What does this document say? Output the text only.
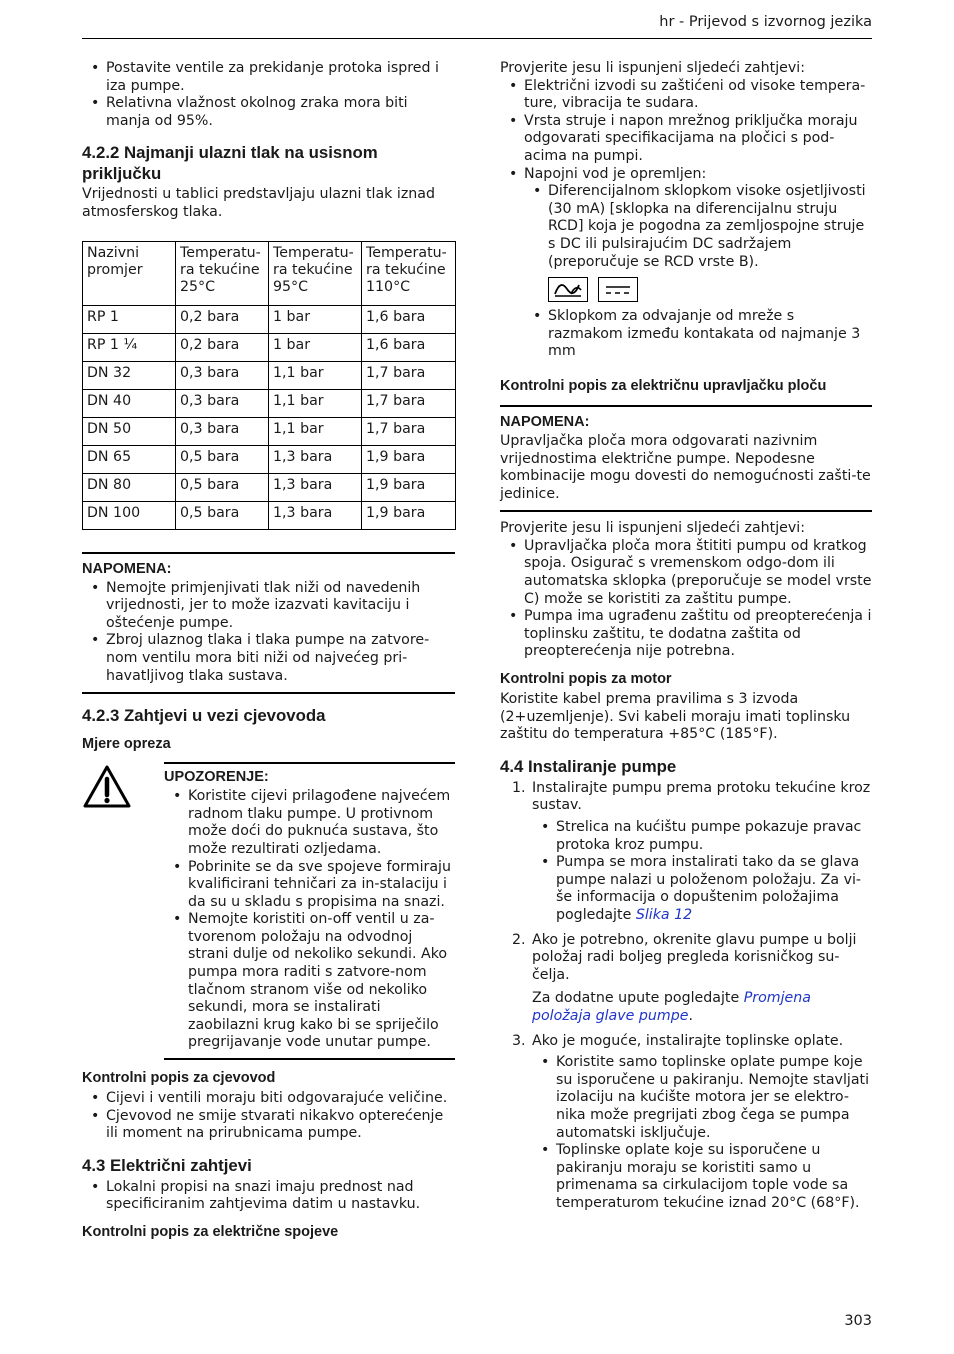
hr - Prijevod s izvornog jezika
• Postavite ventile za prekidanje protoka ispred i iza pumpe.
• Relativna vlažnost okolnog zraka mora biti manja od 95%.
4.2.2 Najmanji ulazni tlak na usisnom priključku

Vrijednosti u tablici predstavljaju ulazni tlak iznad atmosferskog tlaka.

Nazivni promjer	Temperatu-ra tekućine 25°C	Temperatu-ra tekućine 95°C	Temperatu-ra tekućine 110°C
RP 1	0,2 bara	1 bar	1,6 bara
RP 1 ¼	0,2 bara	1 bar	1,6 bara
DN 32	0,3 bara	1,1 bar	1,7 bara
DN 40	0,3 bara	1,1 bar	1,7 bara
DN 50	0,3 bara	1,1 bar	1,7 bara
DN 65	0,5 bara	1,3 bara	1,9 bara
DN 80	0,5 bara	1,3 bara	1,9 bara
DN 100	0,5 bara	1,3 bara	1,9 bara
NAPOMENA:
• Nemojte primjenjivati tlak niži od navedenih vrijednosti, jer to može izazvati kavitaciju i oštećenje pumpe.
• Zbroj ulaznog tlaka i tlaka pumpe na zatvore-nom ventilu mora biti niži od najvećeg pri-havatljivog tlaka sustava.
4.2.3 Zahtjevi u vezi cjevovoda
Mjere opreza
UPOZORENJE:
• Koristite cijevi prilagođene najvećem radnom tlaku pumpe. U protivnom može doći do puknuća sustava, što može rezultirati ozljedama.
• Pobrinite se da sve spojeve formiraju kvalificirani tehničari za in-stalaciju i da su u skladu s propisima na snazi.
• Nemojte koristiti on-off ventil u za-tvorenom položaju na odvodnoj strani dulje od nekoliko sekundi. Ako pumpa mora raditi s zatvore-nom tlačnom stranom više od nekoliko sekundi, mora se instalirati zaobilazni krug kako bi se spriječilo pregrijavanje vode unutar pumpe.
Kontrolni popis za cjevovod
• Cijevi i ventili moraju biti odgovarajuće veličine.
• Cjevovod ne smije stvarati nikakvo opterećenje ili moment na prirubnicama pumpe.
4.3 Električni zahtjevi
• Lokalni propisi na snazi imaju prednost nad specificiranim zahtjevima datim u nastavku.
Kontrolni popis za električne spojeve

Provjerite jesu li ispunjeni sljedeći zahtjevi:

• Električni izvodi su zaštićeni od visoke tempera-ture, vibracija te sudara.
• Vrsta struje i napon mrežnog priključka moraju odgovarati specifikacijama na pločici s pod-acima na pumpi.
• Napojni vod je opremljen:
• Diferencijalnom sklopkom visoke osjetljivosti (30 mA) [sklopka na diferencijalnu struju RCD] koja je pogodna za zemljospojne struje s DC ili pulsirajućim DC sadržajem (preporučuje se RCD vrste B).
• Sklopkom za odvajanje od mreže s razmakom između kontakata od najmanje 3 mm
Kontrolni popis za električnu upravljačku ploču
NAPOMENA:

Upravljačka ploča mora odgovarati nazivnim vrijednostima električne pumpe. Nepodesne kombinacije mogu dovesti do nemogućnosti zašti-te jedinice.

Provjerite jesu li ispunjeni sljedeći zahtjevi:

• Upravljačka ploča mora štititi pumpu od kratkog spoja. Osigurač s vremenskom odgo-dom ili automatska sklopka (preporučuje se model vrste C) može se koristiti za zaštitu pumpe.
• Pumpa ima ugrađenu zaštitu od preopterećenja i toplinsku zaštitu, te dodatna zaštita od preopterećenja nije potrebna.
Kontrolni popis za motor

Koristite kabel prema pravilima s 3 izvoda (2+uzemljenje). Svi kabeli moraju imati toplinsku zaštitu do temperatura +85°C (185°F).

4.4 Instaliranje pumpe
1. Instalirajte pumpu prema protoku tekućine kroz sustav.
• Strelica na kućištu pumpe pokazuje pravac protoka kroz pumpu.
• Pumpa se mora instalirati tako da se glava pumpe nalazi u položenom položaju. Za vi-še informacija o dopuštenim položajima pogledajte Slika 12
2. Ako je potrebno, okrenite glavu pumpe u bolji položaj radi boljeg pregleda korisničkog su-čelja.

Za dodatne upute pogledajte Promjena položaja glave pumpe.

3. Ako je moguće, instalirajte toplinske oplate.
• Koristite samo toplinske oplate pumpe koje su isporučene u pakiranju. Nemojte stavljati izolaciju na kućište motora jer se elektro-nika može pregrijati zbog čega se pumpa automatski isključuje.
• Toplinske oplate koje su isporučene u pakiranju moraju se koristiti samo u primenama sa cirkulacijom tople vode sa temperaturom tekućine iznad 20°C (68°F).
303
